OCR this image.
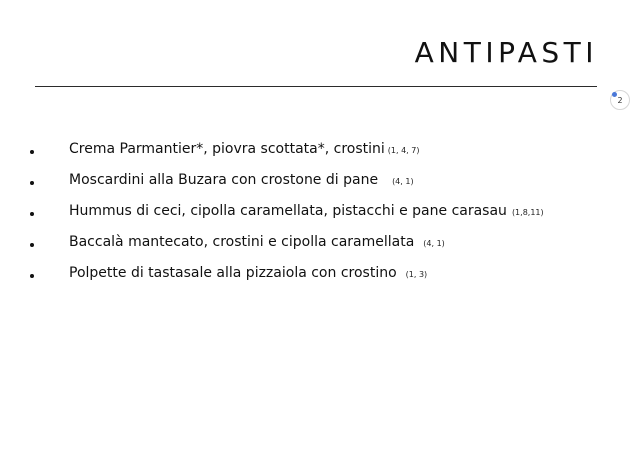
ANTIPASTI
2
Crema Parmantier*, piovra scottata*, crostini (1, 4, 7)
Moscardini alla Buzara con crostone di pane (4, 1)
Hummus di ceci, cipolla caramellata, pistacchi e pane carasau (1,8,11)
Baccalà mantecato, crostini e cipolla caramellata (4, 1)
Polpette di tastasale alla pizzaiola con crostino (1, 3)
